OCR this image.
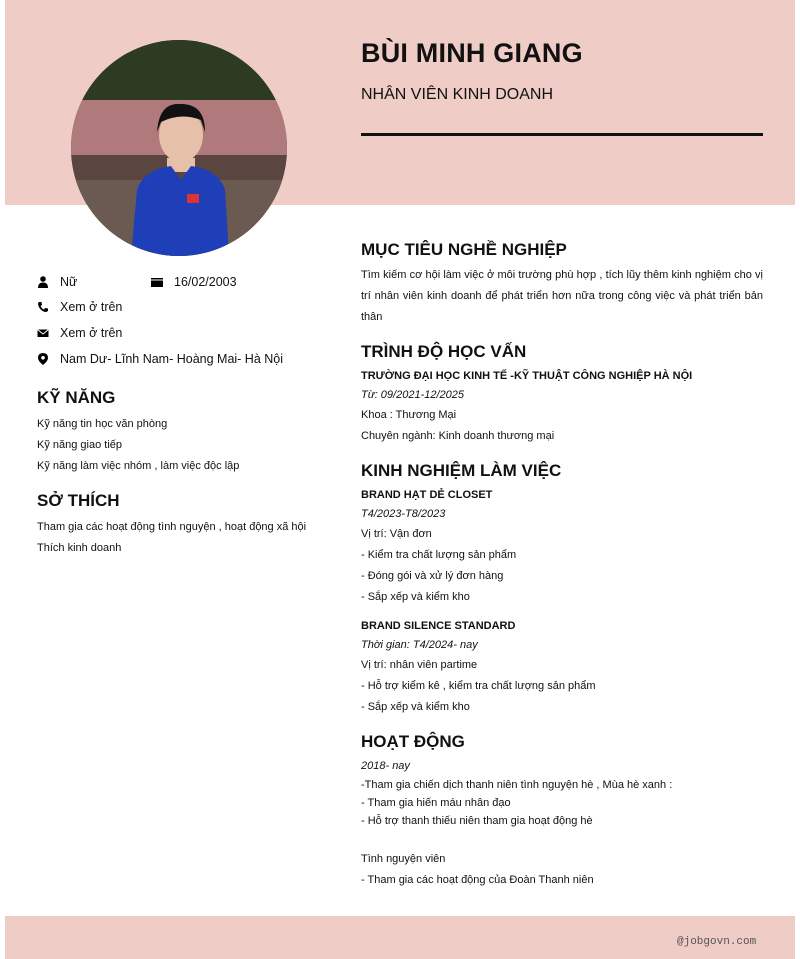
BÙI MINH GIANG
NHÂN VIÊN KINH DOANH
Nữ	16/02/2003
Xem ở trên
Xem ở trên
Nam Dư- Lĩnh Nam- Hoàng Mai- Hà Nội
KỸ NĂNG
Kỹ năng tin học văn phòng
Kỹ năng giao tiếp
Kỹ năng làm việc nhóm , làm việc độc lập
SỞ THÍCH
Tham gia các hoạt động tình nguyện , hoạt động xã hội
Thích kinh doanh
MỤC TIÊU NGHỀ NGHIỆP
Tìm kiếm cơ hội làm việc ở môi trường phù hợp , tích lũy thêm kinh nghiệm cho vị trí nhân viên kinh doanh để phát triển hơn nữa trong công việc và phát triển bản thân
TRÌNH ĐỘ HỌC VẤN
TRƯỜNG ĐẠI HỌC KINH TẾ -KỸ THUẬT CÔNG NGHIỆP HÀ NỘI
Từ: 09/2021-12/2025
Khoa : Thương Mại
Chuyên ngành: Kinh doanh thương mại
KINH NGHIỆM LÀM VIỆC
BRAND HẠT DẺ CLOSET
T4/2023-T8/2023
Vị trí: Vận đơn
- Kiểm tra chất lượng sản phẩm
- Đóng gói và xử lý đơn hàng
- Sắp xếp và kiểm kho
BRAND SILENCE STANDARD
Thời gian: T4/2024- nay
Vị trí: nhân viên partime
- Hỗ trợ kiểm kê , kiểm tra chất lượng sản phẩm
- Sắp xếp và kiểm kho
HOẠT ĐỘNG
2018- nay
-Tham gia chiến dịch thanh niên tình nguyện hè , Mùa hè xanh :
- Tham gia hiến máu nhân đạo
- Hỗ trợ thanh thiếu niên tham gia hoạt động hè
Tình nguyện viên
- Tham gia các hoạt động của Đoàn Thanh niên
@jobgovn.com
